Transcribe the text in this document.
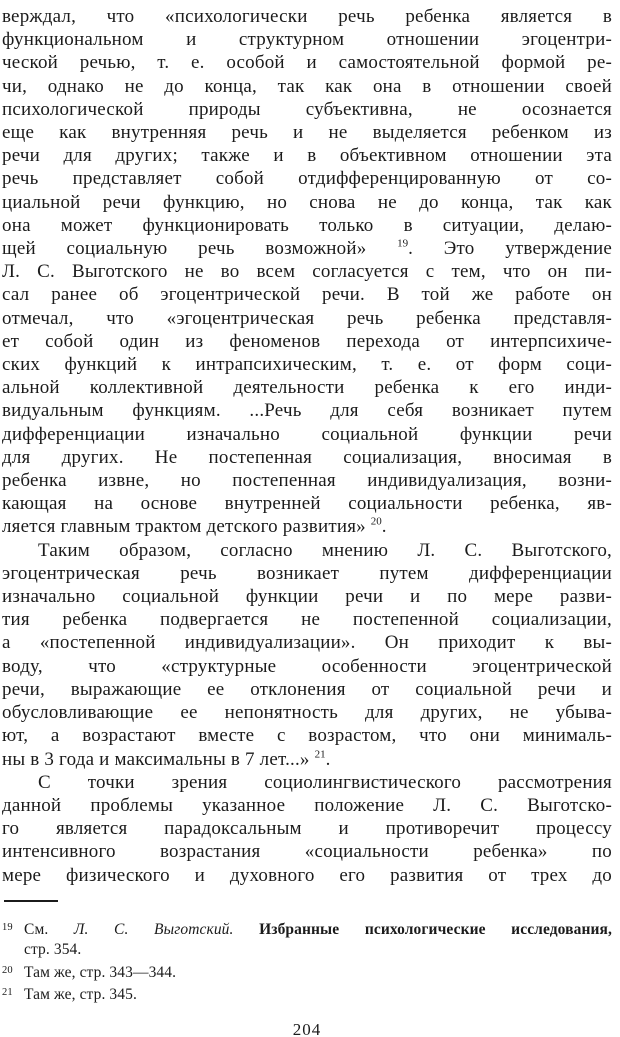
верждал, что «психологически речь ребенка является в
функциональном и структурном отношении эгоцентри-
ческой речью, т. е. особой и самостоятельной формой ре-
чи, однако не до конца, так как она в отношении своей
психологической природы субъективна, не осознается
еще как внутренняя речь и не выделяется ребенком из
речи для других; также и в объективном отношении эта
речь представляет собой отдифференцированную от со-
циальной речи функцию, но снова не до конца, так как
она может функционировать только в ситуации, делаю-
щей социальную речь возможной» $^{19}$. Это утверждение
Л. С. Выготского не во всем согласуется с тем, что он пи-
сал ранее об эгоцентрической речи. В той же работе он
отмечал, что «эгоцентрическая речь ребенка представля-
ет собой один из феноменов перехода от интерпсихиче-
ских функций к интрапсихическим, т. е. от форм соци-
альной коллективной деятельности ребенка к его инди-
видуальным функциям. ...Речь для себя возникает путем
дифференциации изначально социальной функции речи
для других. Не постепенная социализация, вносимая в
ребенка извне, но постепенная индивидуализация, возни-
кающая на основе внутренней социальности ребенка, яв-
ляется главным трактом детского развития» $^{20}$.
Таким образом, согласно мнению Л. С. Выготского,
эгоцентрическая речь возникает путем дифференциации
изначально социальной функции речи и по мере разви-
тия ребенка подвергается не постепенной социализации,
а «постепенной индивидуализации». Он приходит к вы-
воду, что «структурные особенности эгоцентрической
речи, выражающие ее отклонения от социальной речи и
обусловливающие ее непонятность для других, не убыва-
ют, а возрастают вместе с возрастом, что они минималь-
ны в 3 года и максимальны в 7 лет...» $^{21}$.
С точки зрения социолингвистического рассмотрения
данной проблемы указанное положение Л. С. Выготско-
го является парадоксальным и противоречит процессу
интенсивного возрастания «социальности ребенка» по
мере физического и духовного его развития от трех до
19 См. Л. С. Выготский. Избранные психологические исследования,
стр. 354.
20 Там же, стр. 343—344.
21 Там же, стр. 345.
204
